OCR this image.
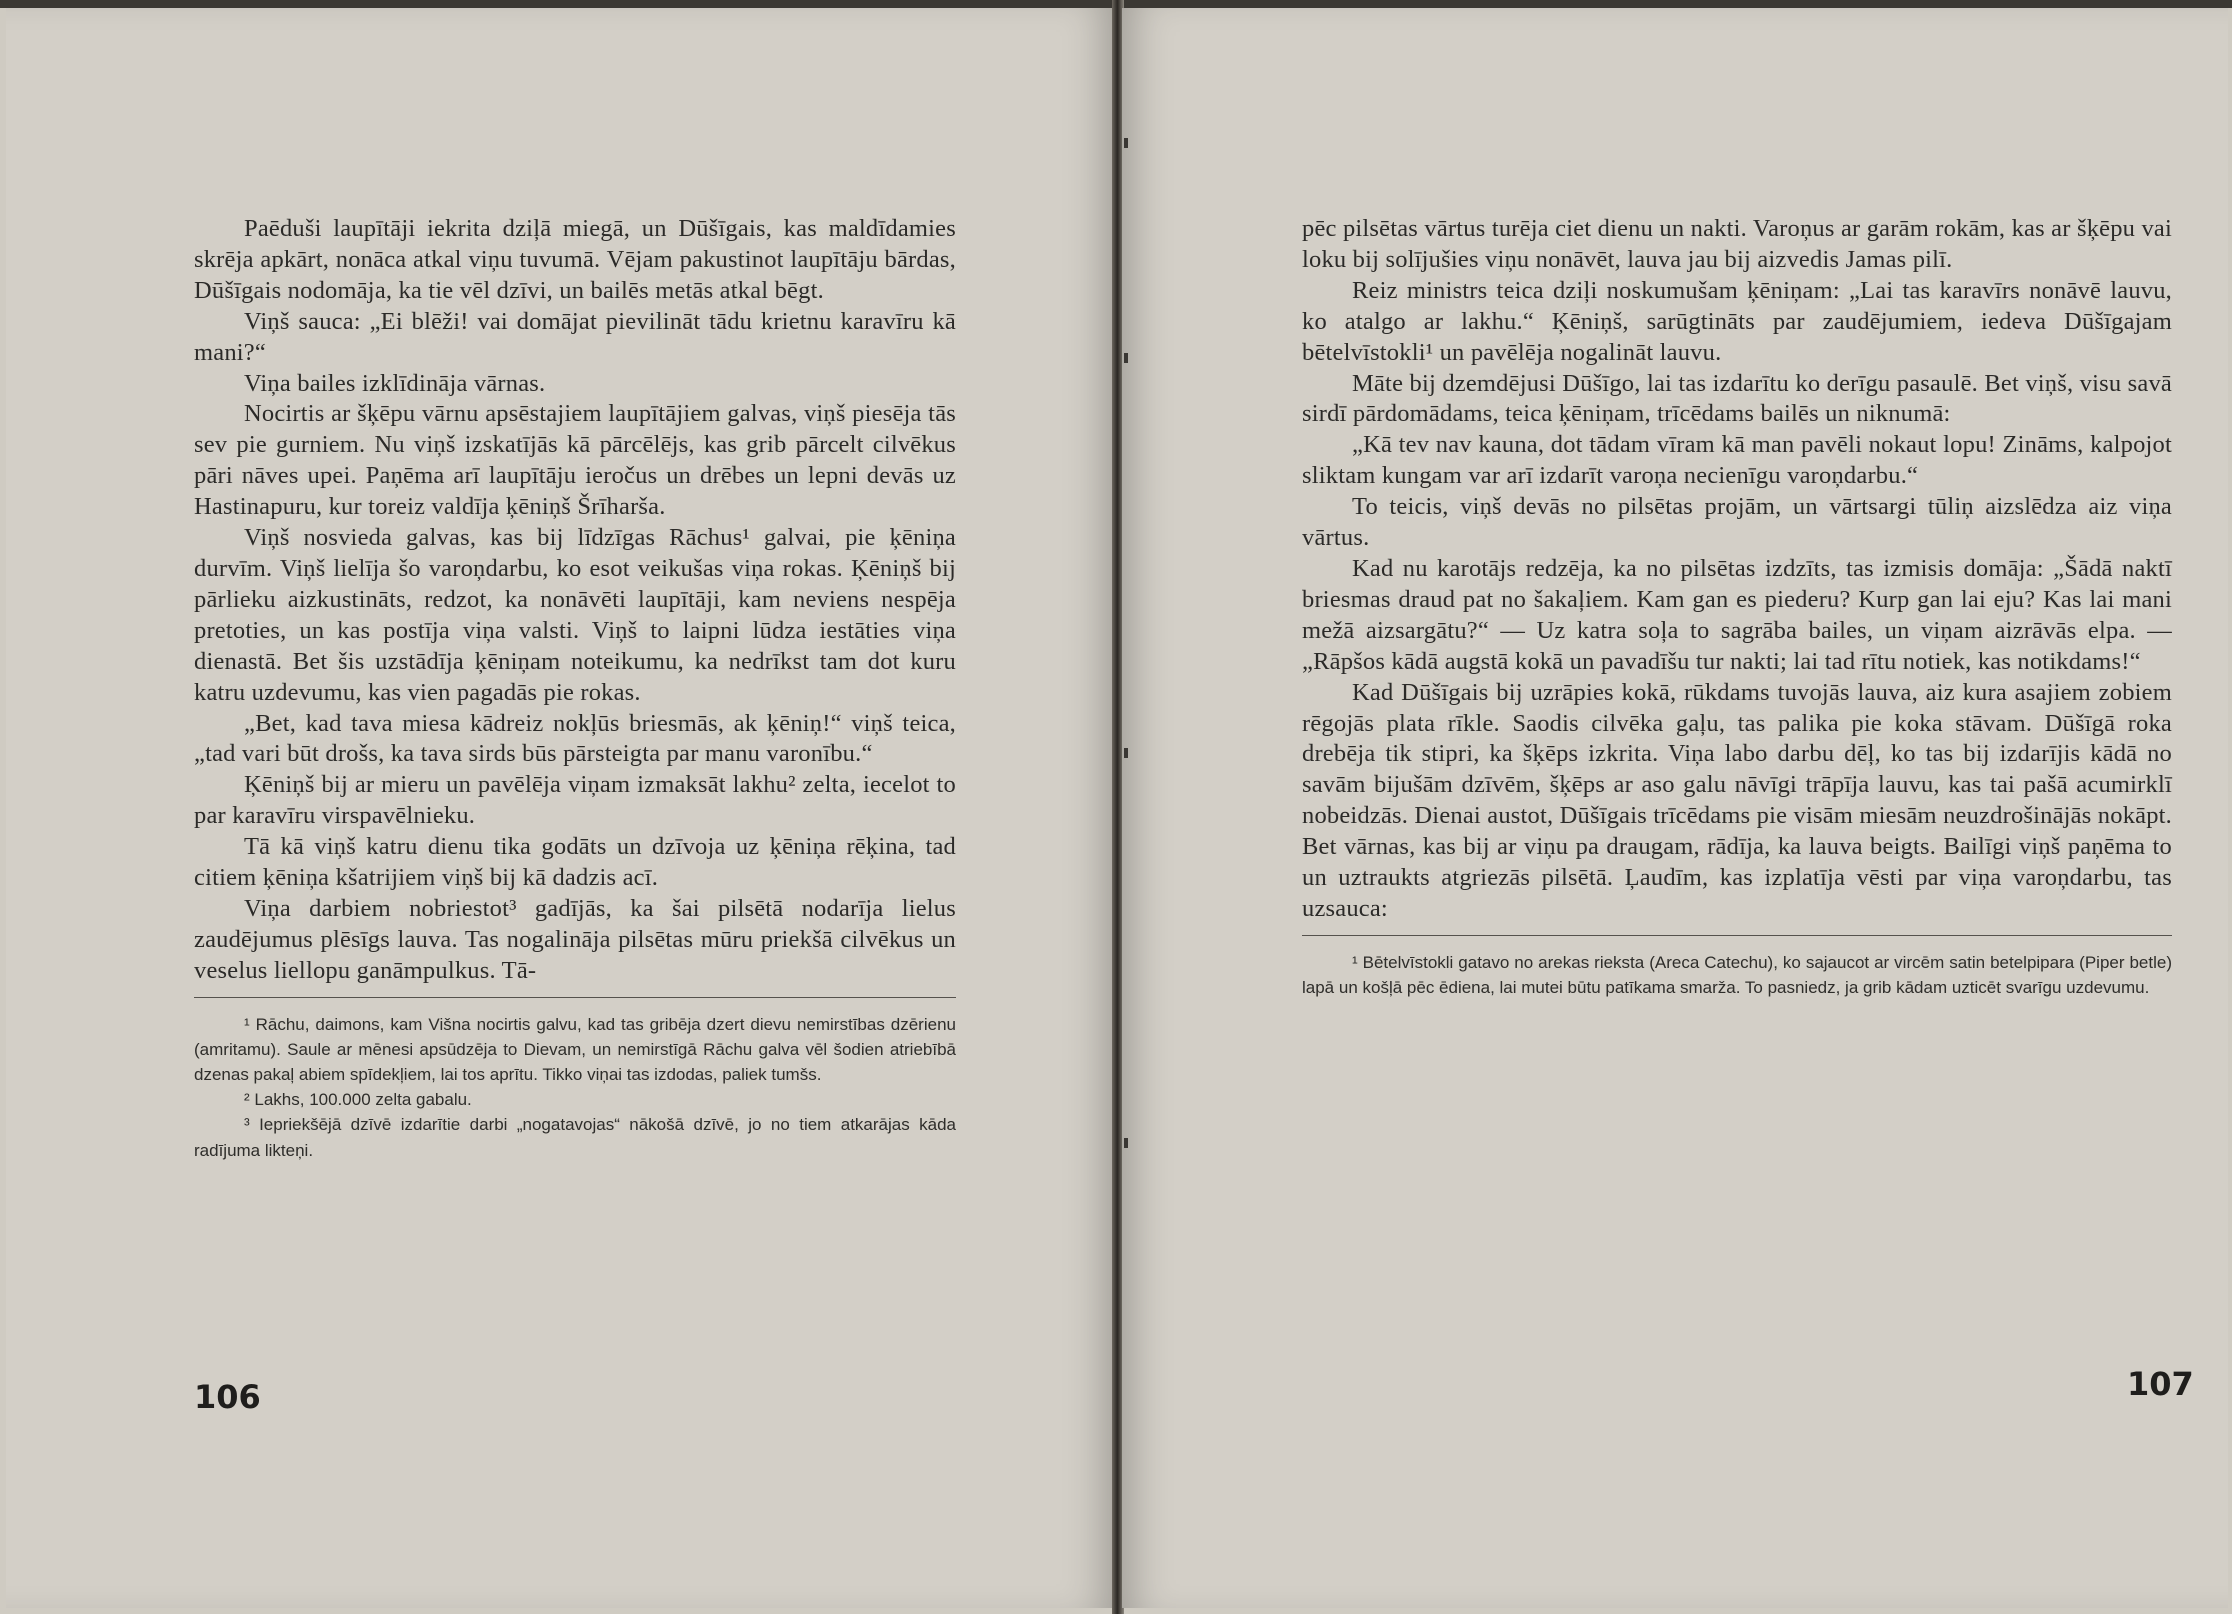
Paēduši laupītāji iekrita dziļā miegā, un Dūšīgais, kas maldīdamies skrēja apkārt, nonāca atkal viņu tuvumā. Vējam pakustinot laupītāju bārdas, Dūšīgais nodomāja, ka tie vēl dzīvi, un bailēs metās atkal bēgt.

Viņš sauca: „Ei blēži! vai domājat pievilināt tādu krietnu karavīru kā mani?“

Viņa bailes izklīdināja vārnas.

Nocirtis ar šķēpu vārnu apsēstajiem laupītājiem galvas, viņš piesēja tās sev pie gurniem. Nu viņš izskatījās kā pārcēlējs, kas grib pārcelt cilvēkus pāri nāves upei. Paņēma arī laupītāju ieročus un drēbes un lepni devās uz Hastinapuru, kur toreiz valdīja ķēniņš Šrīharša.

Viņš nosvieda galvas, kas bij līdzīgas Rāchus¹ galvai, pie ķēniņa durvīm. Viņš lielīja šo varoņdarbu, ko esot veikušas viņa rokas. Ķēniņš bij pārlieku aizkustināts, redzot, ka nonāvēti laupītāji, kam neviens nespēja pretoties, un kas postīja viņa valsti. Viņš to laipni lūdza iestāties viņa dienastā. Bet šis uzstādīja ķēniņam noteikumu, ka nedrīkst tam dot kuru katru uzdevumu, kas vien pagadās pie rokas.

„Bet, kad tava miesa kādreiz nokļūs briesmās, ak ķēniņ!“ viņš teica, „tad vari būt drošs, ka tava sirds būs pārsteigta par manu varonību.“

Ķēniņš bij ar mieru un pavēlēja viņam izmaksāt lakhu² zelta, iecelot to par karavīru virspavēlnieku.

Tā kā viņš katru dienu tika godāts un dzīvoja uz ķēniņa rēķina, tad citiem ķēniņa kšatrijiem viņš bij kā dadzis acī.

Viņa darbiem nobriestot³ gadījās, ka šai pilsētā nodarīja lielus zaudējumus plēsīgs lauva. Tas nogalināja pilsētas mūru priekšā cilvēkus un veselus liellopu ganāmpulkus. Tā-

¹ Rāchu, daimons, kam Višna nocirtis galvu, kad tas gribēja dzert dievu nemirstības dzērienu (amritamu). Saule ar mēnesi apsūdzēja to Dievam, un nemirstīgā Rāchu galva vēl šodien atriebībā dzenas pakaļ abiem spīdekļiem, lai tos aprītu. Tikko viņai tas izdodas, paliek tumšs.

² Lakhs, 100.000 zelta gabalu.

³ Iepriekšējā dzīvē izdarītie darbi „nogatavojas“ nākošā dzīvē, jo no tiem atkarājas kāda radījuma likteņi.

106

pēc pilsētas vārtus turēja ciet dienu un nakti. Varoņus ar garām rokām, kas ar šķēpu vai loku bij solījušies viņu nonāvēt, lauva jau bij aizvedis Jamas pilī.

Reiz ministrs teica dziļi noskumušam ķēniņam: „Lai tas karavīrs nonāvē lauvu, ko atalgo ar lakhu.“ Ķēniņš, sarūgtināts par zaudējumiem, iedeva Dūšīgajam bētelvīstokli¹ un pavēlēja nogalināt lauvu.

Māte bij dzemdējusi Dūšīgo, lai tas izdarītu ko derīgu pasaulē. Bet viņš, visu savā sirdī pārdomādams, teica ķēniņam, trīcēdams bailēs un niknumā:

„Kā tev nav kauna, dot tādam vīram kā man pavēli nokaut lopu! Zināms, kalpojot sliktam kungam var arī izdarīt varoņa necienīgu varoņdarbu.“

To teicis, viņš devās no pilsētas projām, un vārtsargi tūliņ aizslēdza aiz viņa vārtus.

Kad nu karotājs redzēja, ka no pilsētas izdzīts, tas izmisis domāja: „Šādā naktī briesmas draud pat no šakaļiem. Kam gan es piederu? Kurp gan lai eju? Kas lai mani mežā aizsargātu?“ — Uz katra soļa to sagrāba bailes, un viņam aizrāvās elpa. — „Rāpšos kādā augstā kokā un pavadīšu tur nakti; lai tad rītu notiek, kas notikdams!“

Kad Dūšīgais bij uzrāpies kokā, rūkdams tuvojās lauva, aiz kura asajiem zobiem rēgojās plata rīkle. Saodis cilvēka gaļu, tas palika pie koka stāvam. Dūšīgā roka drebēja tik stipri, ka šķēps izkrita. Viņa labo darbu dēļ, ko tas bij izdarījis kādā no savām bijušām dzīvēm, šķēps ar aso galu nāvīgi trāpīja lauvu, kas tai pašā acumirklī nobeidzās. Dienai austot, Dūšīgais trīcēdams pie visām miesām neuzdrošinājās nokāpt. Bet vārnas, kas bij ar viņu pa draugam, rādīja, ka lauva beigts. Bailīgi viņš paņēma to un uztraukts atgriezās pilsētā. Ļaudīm, kas izplatīja vēsti par viņa varoņdarbu, tas uzsauca:

¹ Bētelvīstokli gatavo no arekas rieksta (Areca Catechu), ko sajaucot ar vircēm satin betelpipara (Piper betle) lapā un košļā pēc ēdiena, lai mutei būtu patīkama smarža. To pasniedz, ja grib kādam uzticēt svarīgu uzdevumu.

107
